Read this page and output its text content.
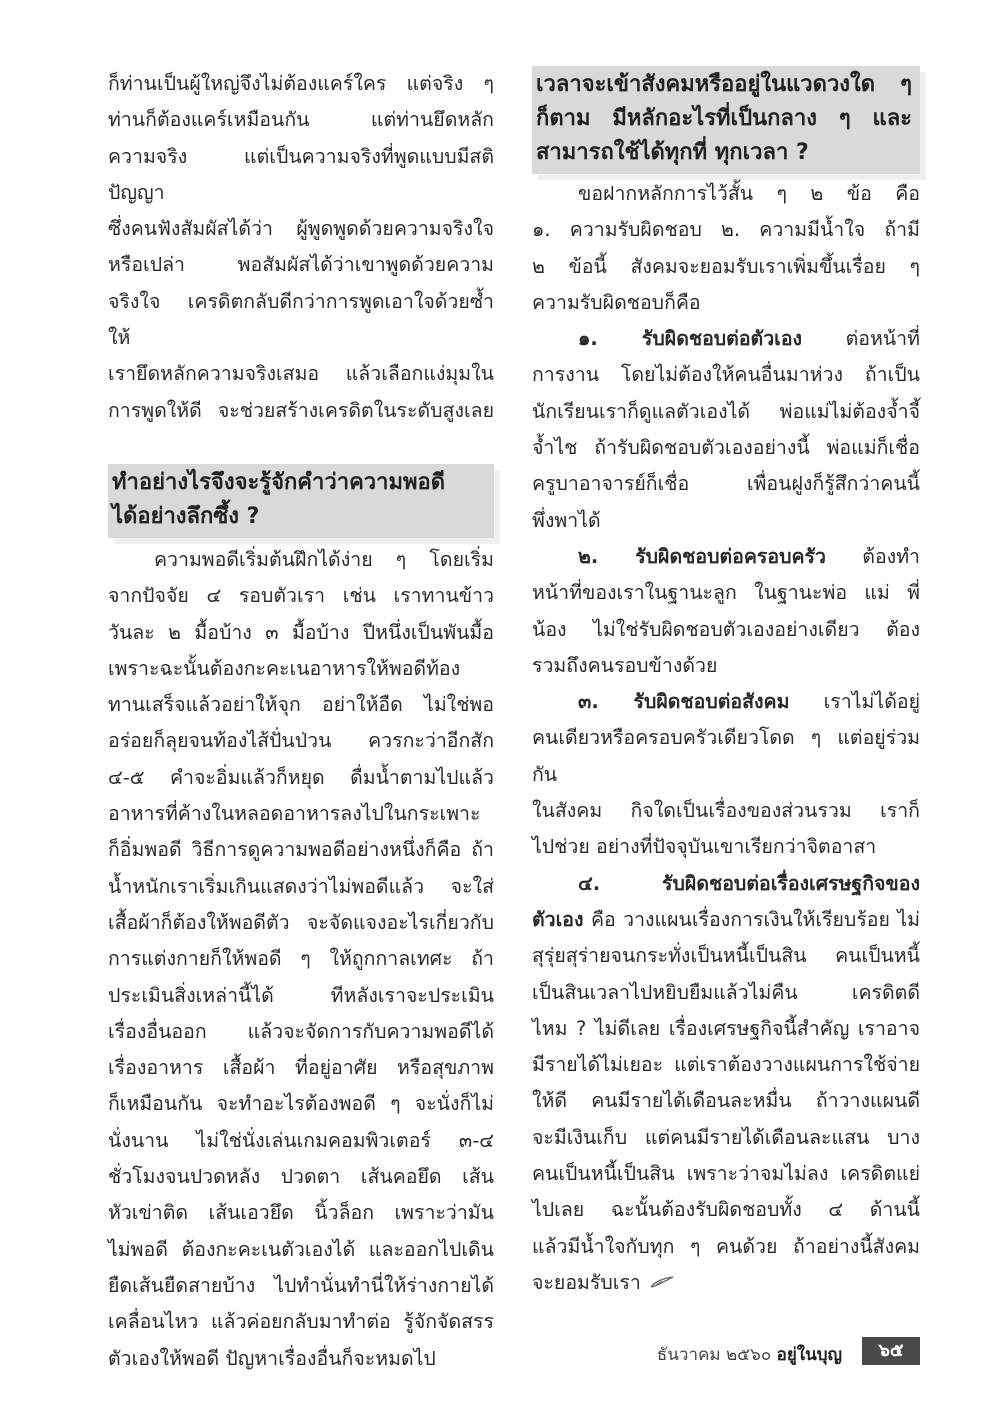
ก็ท่านเป็นผู้ใหญ่จึงไม่ต้องแคร์ใคร แต่จริง ๆ

ท่านก็ต้องแคร์เหมือนกัน แต่ท่านยึดหลัก

ความจริง แต่เป็นความจริงที่พูดแบบมีสติปัญญา

ซึ่งคนฟังสัมผัสได้ว่า ผู้พูดพูดด้วยความจริงใจ

หรือเปล่า พอสัมผัสได้ว่าเขาพูดด้วยความ

จริงใจ เครดิตกลับดีกว่าการพูดเอาใจด้วยซ้ำ ให้

เรายึดหลักความจริงเสมอ แล้วเลือกแง่มุมใน

การพูดให้ดี จะช่วยสร้างเครดิตในระดับสูงเลย

ทำอย่างไรจึงจะรู้จักคำว่าความพอดี
ได้อย่างลึกซึ้ง ?

ความพอดีเริ่มต้นฝึกได้ง่าย ๆ โดยเริ่ม

จากปัจจัย ๔ รอบตัวเรา เช่น เราทานข้าว

วันละ ๒ มื้อบ้าง ๓ มื้อบ้าง ปีหนึ่งเป็นพันมื้อ

เพราะฉะนั้นต้องกะคะเนอาหารให้พอดีท้อง

ทานเสร็จแล้วอย่าให้จุก อย่าให้อืด ไม่ใช่พอ

อร่อยก็ลุยจนท้องไส้ปั่นป่วน ควรกะว่าอีกสัก

๔-๕ คำจะอิ่มแล้วก็หยุด ดื่มน้ำตามไปแล้ว

อาหารที่ค้างในหลอดอาหารลงไปในกระเพาะ

ก็อิ่มพอดี วิธีการดูความพอดีอย่างหนึ่งก็คือ ถ้า

น้ำหนักเราเริ่มเกินแสดงว่าไม่พอดีแล้ว จะใส่

เสื้อผ้าก็ต้องให้พอดีตัว จะจัดแจงอะไรเกี่ยวกับ

การแต่งกายก็ให้พอดี ๆ ให้ถูกกาลเทศะ ถ้า

ประเมินสิ่งเหล่านี้ได้ ทีหลังเราจะประเมิน

เรื่องอื่นออก แล้วจะจัดการกับความพอดีได้

เรื่องอาหาร เสื้อผ้า ที่อยู่อาศัย หรือสุขภาพ

ก็เหมือนกัน จะทำอะไรต้องพอดี ๆ จะนั่งก็ไม่

นั่งนาน ไม่ใช่นั่งเล่นเกมคอมพิวเตอร์ ๓-๔

ชั่วโมงจนปวดหลัง ปวดตา เส้นคอยึด เส้น

หัวเข่าติด เส้นเอวยึด นิ้วล็อก เพราะว่ามัน

ไม่พอดี ต้องกะคะเนตัวเองได้ และออกไปเดิน

ยืดเส้นยืดสายบ้าง ไปทำนั่นทำนี่ให้ร่างกายได้

เคลื่อนไหว แล้วค่อยกลับมาทำต่อ รู้จักจัดสรร

ตัวเองให้พอดี ปัญหาเรื่องอื่นก็จะหมดไป

เวลาจะเข้าสังคมหรืออยู่ในแวดวงใด ๆ
ก็ตาม มีหลักอะไรที่เป็นกลาง ๆ และ
สามารถใช้ได้ทุกที่ ทุกเวลา ?

ขอฝากหลักการไว้สั้น ๆ ๒ ข้อ คือ

๑. ความรับผิดชอบ ๒. ความมีน้ำใจ ถ้ามี

๒ ข้อนี้ สังคมจะยอมรับเราเพิ่มขึ้นเรื่อย ๆ

ความรับผิดชอบก็คือ

๑. รับผิดชอบต่อตัวเอง ต่อหน้าที่

การงาน โดยไม่ต้องให้คนอื่นมาห่วง ถ้าเป็น

นักเรียนเราก็ดูแลตัวเองได้ พ่อแม่ไม่ต้องจ้ำจี้

จ้ำไช ถ้ารับผิดชอบตัวเองอย่างนี้ พ่อแม่ก็เชื่อ

ครูบาอาจารย์ก็เชื่อ เพื่อนฝูงก็รู้สึกว่าคนนี้

พึ่งพาได้

๒. รับผิดชอบต่อครอบครัว ต้องทำ

หน้าที่ของเราในฐานะลูก ในฐานะพ่อ แม่ พี่

น้อง ไม่ใช่รับผิดชอบตัวเองอย่างเดียว ต้อง

รวมถึงคนรอบข้างด้วย

๓. รับผิดชอบต่อสังคม เราไม่ได้อยู่

คนเดียวหรือครอบครัวเดียวโดด ๆ แต่อยู่ร่วมกัน

ในสังคม กิจใดเป็นเรื่องของส่วนรวม เราก็

ไปช่วย อย่างที่ปัจจุบันเขาเรียกว่าจิตอาสา

๔. รับผิดชอบต่อเรื่องเศรษฐกิจของ

ตัวเอง คือ วางแผนเรื่องการเงินให้เรียบร้อย ไม่

สุรุ่ยสุร่ายจนกระทั่งเป็นหนี้เป็นสิน คนเป็นหนี้

เป็นสินเวลาไปหยิบยืมแล้วไม่คืน เครดิตดี

ไหม ? ไม่ดีเลย เรื่องเศรษฐกิจนี้สำคัญ เราอาจ

มีรายได้ไม่เยอะ แต่เราต้องวางแผนการใช้จ่าย

ให้ดี คนมีรายได้เดือนละหมื่น ถ้าวางแผนดี

จะมีเงินเก็บ แต่คนมีรายได้เดือนละแสน บาง

คนเป็นหนี้เป็นสิน เพราะว่าจมไม่ลง เครดิตแย่

ไปเลย ฉะนั้นต้องรับผิดชอบทั้ง ๔ ด้านนี้

แล้วมีน้ำใจกับทุก ๆ คนด้วย ถ้าอย่างนี้สังคม

จะยอมรับเรา

ธันวาคม ๒๕๖๐ อยู่ในบุญ	๖๕
